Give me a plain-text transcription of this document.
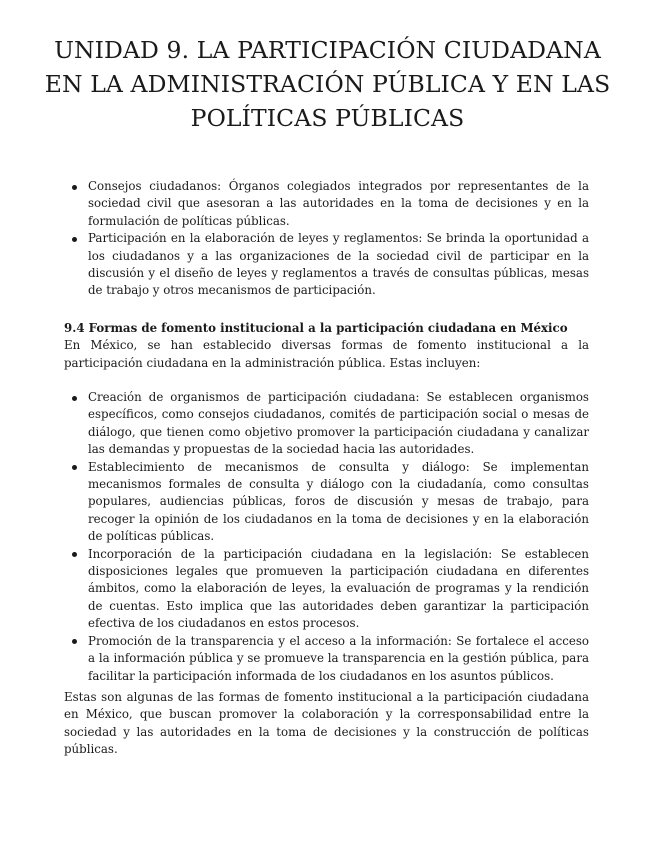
UNIDAD 9. LA PARTICIPACIÓN CIUDADANA EN LA ADMINISTRACIÓN PÚBLICA Y EN LAS POLÍTICAS PÚBLICAS
Consejos ciudadanos: Órganos colegiados integrados por representantes de la sociedad civil que asesoran a las autoridades en la toma de decisiones y en la formulación de políticas públicas.
Participación en la elaboración de leyes y reglamentos: Se brinda la oportunidad a los ciudadanos y a las organizaciones de la sociedad civil de participar en la discusión y el diseño de leyes y reglamentos a través de consultas públicas, mesas de trabajo y otros mecanismos de participación.

9.4 Formas de fomento institucional a la participación ciudadana en México

En México, se han establecido diversas formas de fomento institucional a la participación ciudadana en la administración pública. Estas incluyen:

Creación de organismos de participación ciudadana: Se establecen organismos específicos, como consejos ciudadanos, comités de participación social o mesas de diálogo, que tienen como objetivo promover la participación ciudadana y canalizar las demandas y propuestas de la sociedad hacia las autoridades.
Establecimiento de mecanismos de consulta y diálogo: Se implementan mecanismos formales de consulta y diálogo con la ciudadanía, como consultas populares, audiencias públicas, foros de discusión y mesas de trabajo, para recoger la opinión de los ciudadanos en la toma de decisiones y en la elaboración de políticas públicas.
Incorporación de la participación ciudadana en la legislación: Se establecen disposiciones legales que promueven la participación ciudadana en diferentes ámbitos, como la elaboración de leyes, la evaluación de programas y la rendición de cuentas. Esto implica que las autoridades deben garantizar la participación efectiva de los ciudadanos en estos procesos.
Promoción de la transparencia y el acceso a la información: Se fortalece el acceso a la información pública y se promueve la transparencia en la gestión pública, para facilitar la participación informada de los ciudadanos en los asuntos públicos.

Estas son algunas de las formas de fomento institucional a la participación ciudadana en México, que buscan promover la colaboración y la corresponsabilidad entre la sociedad y las autoridades en la toma de decisiones y la construcción de políticas públicas.
